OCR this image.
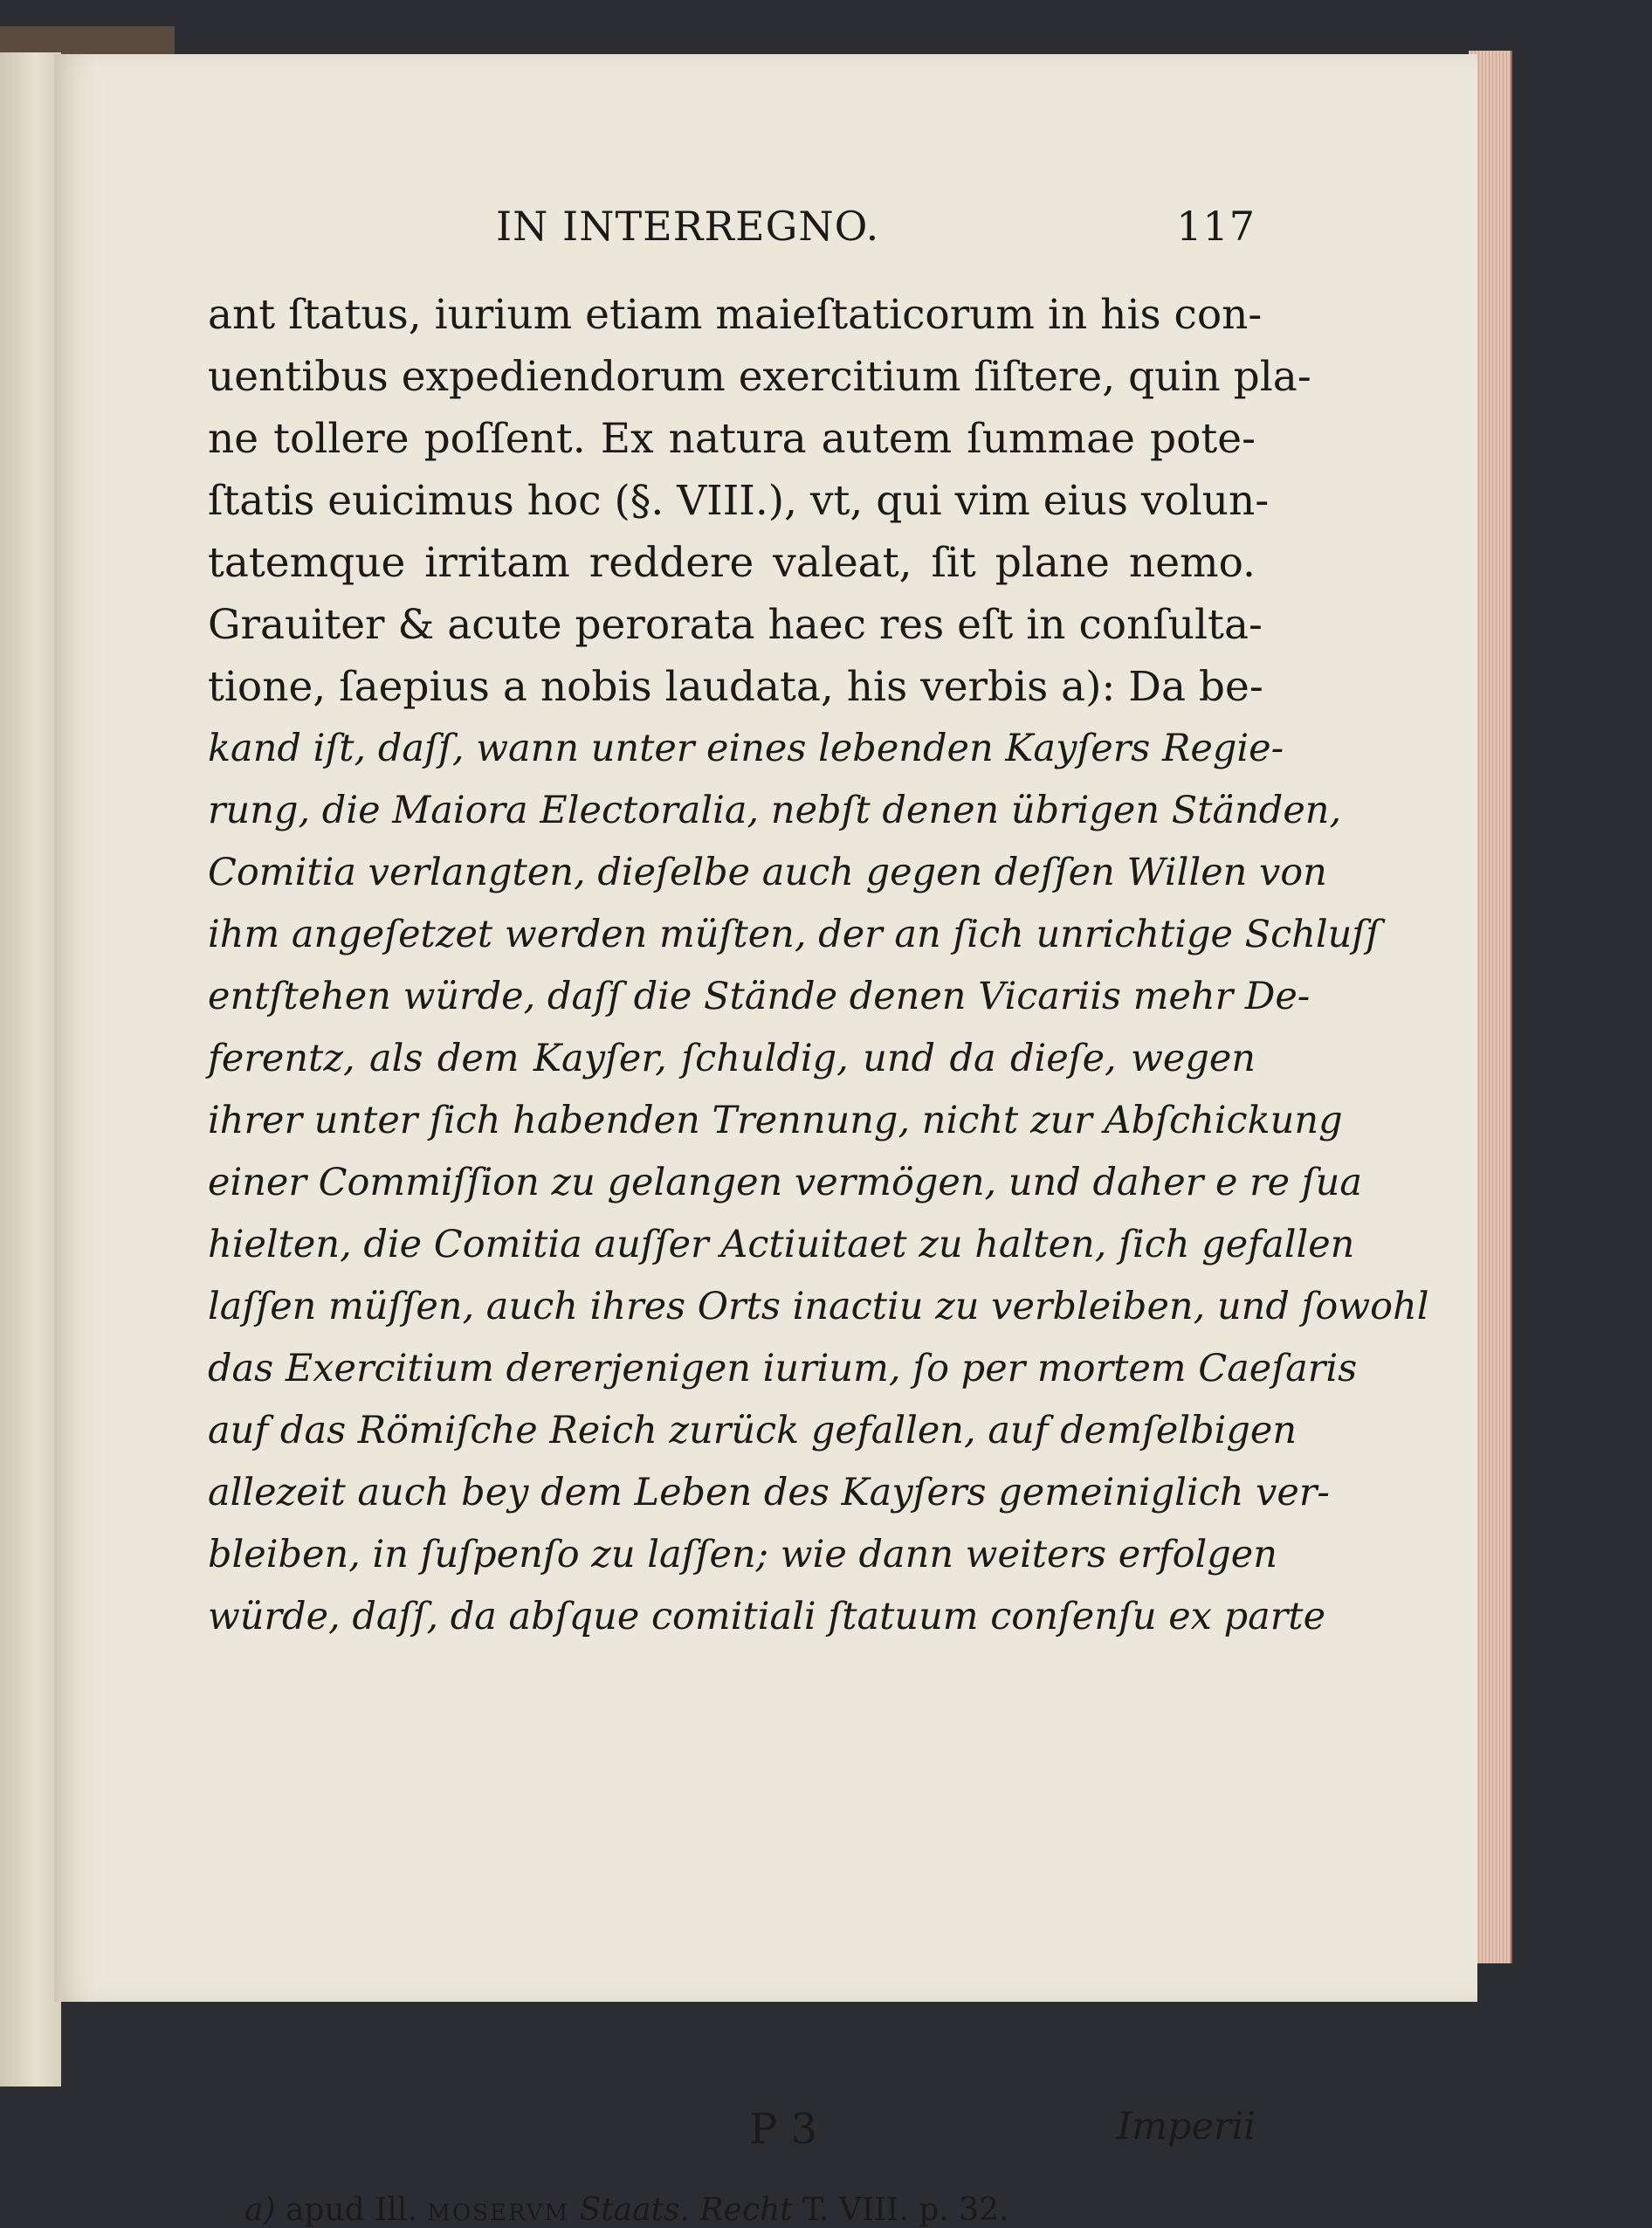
IN INTERREGNO.	117
ant ſtatus, iurium etiam maieſtaticorum in his con-
uentibus expediendorum exercitium ſiſtere, quin pla-
ne tollere poſſent. Ex natura autem ſummae pote-
ſtatis euicimus hoc (§. VIII.), vt, qui vim eius volun-
tatemque irritam reddere valeat, ſit plane nemo.
Grauiter & acute perorata haec res eſt in conſulta-
tione, ſaepius a nobis laudata, his verbis a): Da be-
kand iſt, daſſ, wann unter eines lebenden Kayſers Regie-
rung, die Maiora Electoralia, nebſt denen übrigen Ständen,
Comitia verlangten, dieſelbe auch gegen deſſen Willen von
ihm angeſetzet werden müſten, der an ſich unrichtige Schluſſ
entſtehen würde, daſſ die Stände denen Vicariis mehr De-
ferentz, als dem Kayſer, ſchuldig, und da dieſe, wegen
ihrer unter ſich habenden Trennung, nicht zur Abſchickung
einer Commiſſion zu gelangen vermögen, und daher e re ſua
hielten, die Comitia auſſer Actiuitaet zu halten, ſich gefallen
laſſen müſſen, auch ihres Orts inactiu zu verbleiben, und ſowohl
das Exercitium dererjenigen iurium, ſo per mortem Caeſaris
auf das Römiſche Reich zurück gefallen, auf demſelbigen
allezeit auch bey dem Leben des Kayſers gemeiniglich ver-
bleiben, in ſuſpenſo zu laſſen; wie dann weiters erfolgen
würde, daſſ, da abſque comitiali ſtatuum conſenſu ex parte
P 3	Imperii
a) apud Ill. MOSERVM Staats. Recht T. VIII. p. 32.
